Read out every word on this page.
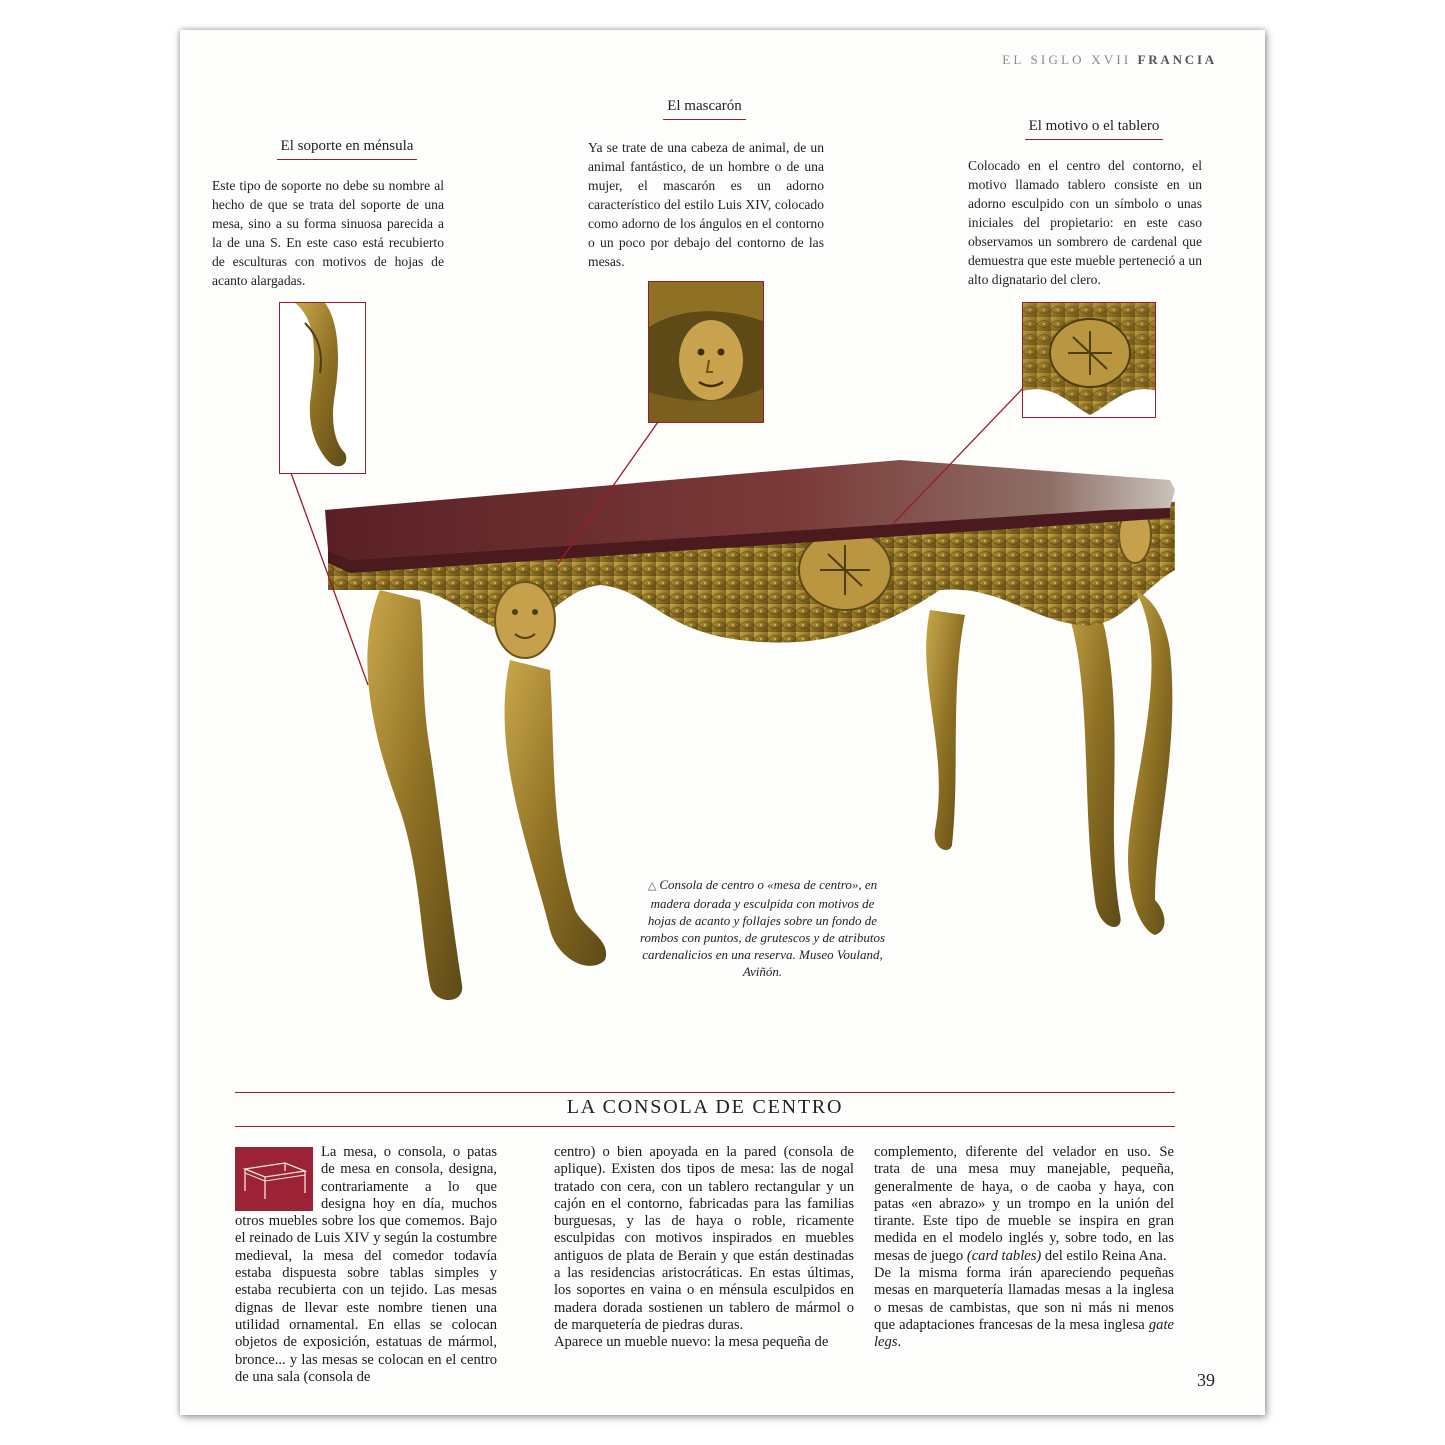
EL SIGLO XVII FRANCIA
El soporte en ménsula
Este tipo de soporte no debe su nombre al hecho de que se trata del soporte de una mesa, sino a su forma sinuosa parecida a la de una S. En este caso está recubierto de esculturas con motivos de hojas de acanto alargadas.
El mascarón
Ya se trate de una cabeza de animal, de un animal fantástico, de un hombre o de una mujer, el mascarón es un adorno característico del estilo Luis XIV, colocado como adorno de los ángulos en el contorno o un poco por debajo del contorno de las mesas.
El motivo o el tablero
Colocado en el centro del contorno, el motivo llamado tablero consiste en un adorno esculpido con un símbolo o unas iniciales del propietario: en este caso observamos un sombrero de cardenal que demuestra que este mueble perteneció a un alto dignatario del clero.
△ Consola de centro o «mesa de centro», en madera dorada y esculpida con motivos de hojas de acanto y follajes sobre un fondo de rombos con puntos, de grutescos y de atributos cardenalicios en una reserva. Museo Vouland, Aviñón.
LA CONSOLA DE CENTRO

La mesa, o consola, o patas de mesa en consola, designa, contrariamente a lo que designa hoy en día, muchos otros muebles sobre los que comemos. Bajo el reinado de Luis XIV y según la costumbre medieval, la mesa del comedor todavía estaba dispuesta sobre tablas simples y estaba recubierta con un tejido. Las mesas dignas de llevar este nombre tienen una utilidad ornamental. En ellas se colocan objetos de exposición, estatuas de mármol, bronce... y las mesas se colocan en el centro de una sala (consola de

centro) o bien apoyada en la pared (consola de aplique). Existen dos tipos de mesa: las de nogal tratado con cera, con un tablero rectangular y un cajón en el contorno, fabricadas para las familias burguesas, y las de haya o roble, ricamente esculpidas con motivos inspirados en muebles antiguos de plata de Berain y que están destinadas a las residencias aristocráticas. En estas últimas, los soportes en vaina o en ménsula esculpidos en madera dorada sostienen un tablero de mármol o de marquetería de piedras duras.

Aparece un mueble nuevo: la mesa pequeña de

complemento, diferente del velador en uso. Se trata de una mesa muy manejable, pequeña, generalmente de haya, o de caoba y haya, con patas «en abrazo» y un trompo en la unión del tirante. Este tipo de mueble se inspira en gran medida en el modelo inglés y, sobre todo, en las mesas de juego (card tables) del estilo Reina Ana.

De la misma forma irán apareciendo pequeñas mesas en marquetería llamadas mesas a la inglesa o mesas de cambistas, que son ni más ni menos que adaptaciones francesas de la mesa inglesa gate legs.

39
